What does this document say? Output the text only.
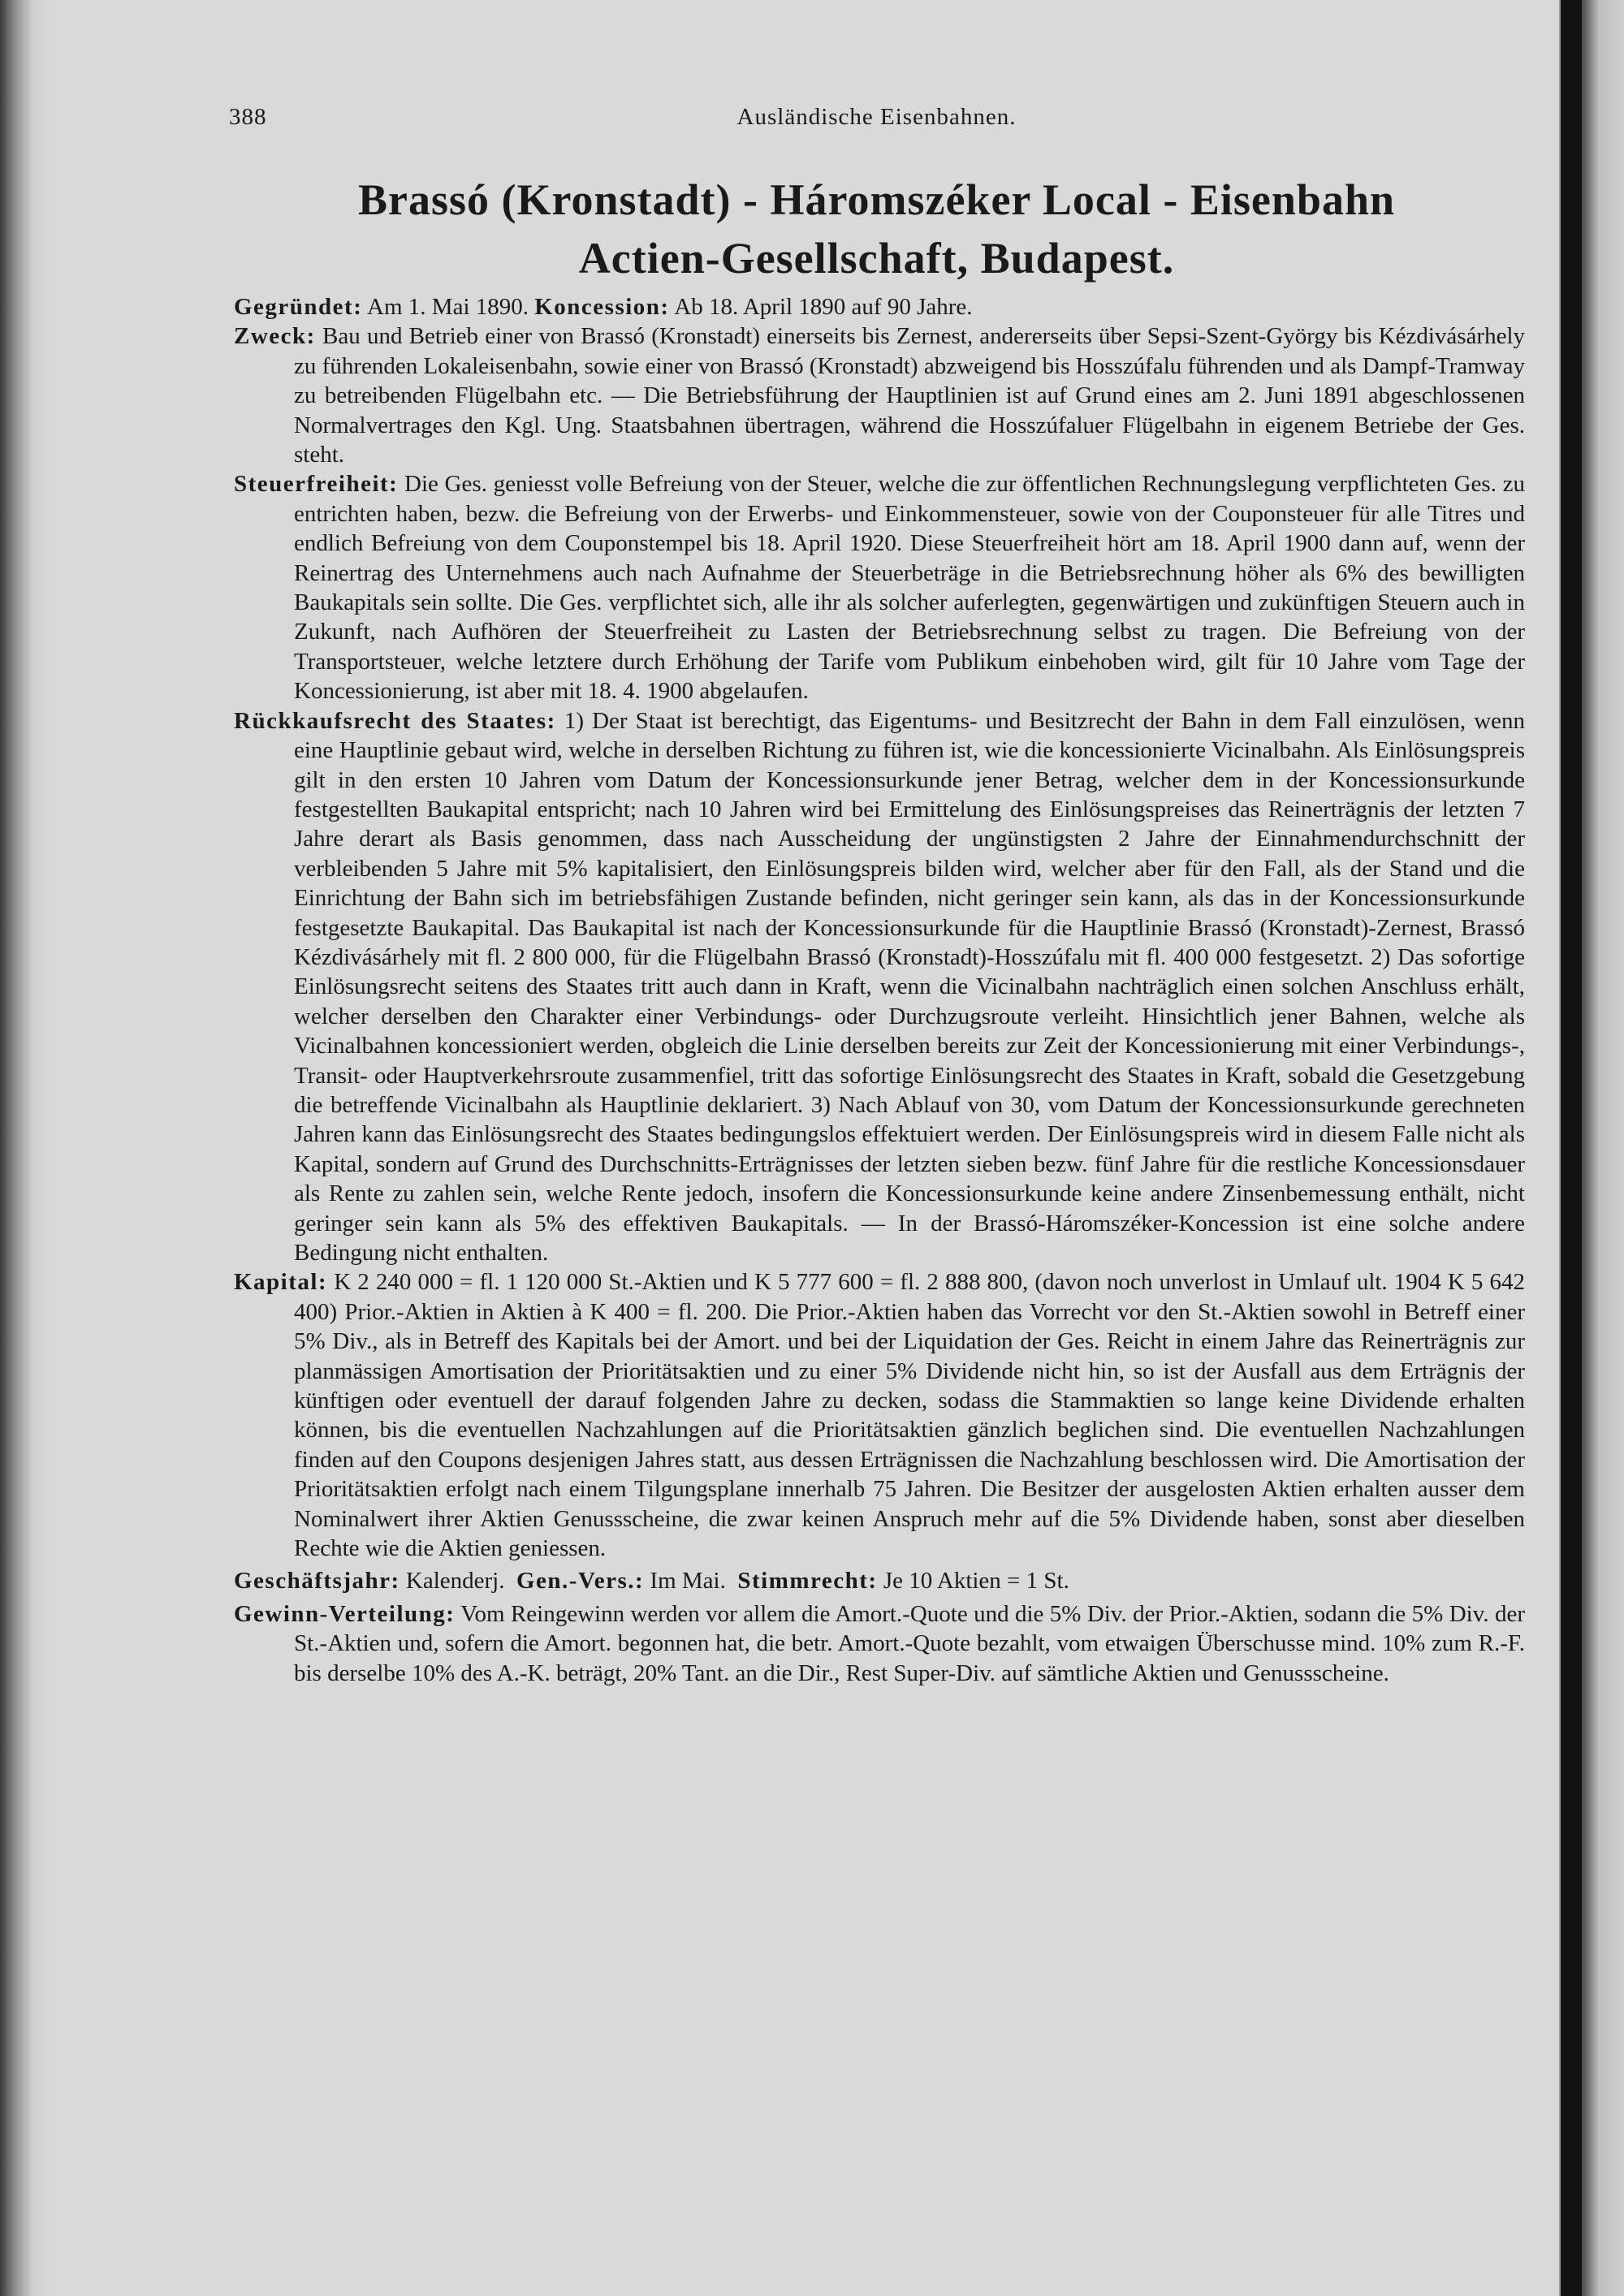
388	Ausländische Eisenbahnen.
Brassó (Kronstadt) - Háromszéker Local - Eisenbahn
Actien-Gesellschaft, Budapest.

Gegründet: Am 1. Mai 1890. Koncession: Ab 18. April 1890 auf 90 Jahre.

Zweck: Bau und Betrieb einer von Brassó (Kronstadt) einerseits bis Zernest, andererseits über Sepsi-Szent-György bis Kézdivásárhely zu führenden Lokaleisenbahn, sowie einer von Brassó (Kronstadt) abzweigend bis Hosszúfalu führenden und als Dampf-Tramway zu betreibenden Flügelbahn etc. — Die Betriebsführung der Hauptlinien ist auf Grund eines am 2. Juni 1891 abgeschlossenen Normalvertrages den Kgl. Ung. Staatsbahnen übertragen, während die Hosszúfaluer Flügelbahn in eigenem Betriebe der Ges. steht.

Steuerfreiheit: Die Ges. geniesst volle Befreiung von der Steuer, welche die zur öffentlichen Rechnungslegung verpflichteten Ges. zu entrichten haben, bezw. die Befreiung von der Erwerbs- und Einkommensteuer, sowie von der Couponsteuer für alle Titres und endlich Befreiung von dem Couponstempel bis 18. April 1920. Diese Steuerfreiheit hört am 18. April 1900 dann auf, wenn der Reinertrag des Unternehmens auch nach Aufnahme der Steuerbeträge in die Betriebsrechnung höher als 6% des bewilligten Baukapitals sein sollte. Die Ges. verpflichtet sich, alle ihr als solcher auferlegten, gegenwärtigen und zukünftigen Steuern auch in Zukunft, nach Aufhören der Steuerfreiheit zu Lasten der Betriebsrechnung selbst zu tragen. Die Befreiung von der Transportsteuer, welche letztere durch Erhöhung der Tarife vom Publikum einbehoben wird, gilt für 10 Jahre vom Tage der Koncessionierung, ist aber mit 18. 4. 1900 abgelaufen.

Rückkaufsrecht des Staates: 1) Der Staat ist berechtigt, das Eigentums- und Besitzrecht der Bahn in dem Fall einzulösen, wenn eine Hauptlinie gebaut wird, welche in derselben Richtung zu führen ist, wie die koncessionierte Vicinalbahn. Als Einlösungspreis gilt in den ersten 10 Jahren vom Datum der Koncessionsurkunde jener Betrag, welcher dem in der Koncessionsurkunde festgestellten Baukapital entspricht; nach 10 Jahren wird bei Ermittelung des Einlösungspreises das Reinerträgnis der letzten 7 Jahre derart als Basis genommen, dass nach Ausscheidung der ungünstigsten 2 Jahre der Einnahmendurchschnitt der verbleibenden 5 Jahre mit 5% kapitalisiert, den Einlösungspreis bilden wird, welcher aber für den Fall, als der Stand und die Einrichtung der Bahn sich im betriebsfähigen Zustande befinden, nicht geringer sein kann, als das in der Koncessionsurkunde festgesetzte Baukapital. Das Baukapital ist nach der Koncessionsurkunde für die Hauptlinie Brassó (Kronstadt)-Zernest, Brassó Kézdivásárhely mit fl. 2 800 000, für die Flügelbahn Brassó (Kronstadt)-Hosszúfalu mit fl. 400 000 festgesetzt. 2) Das sofortige Einlösungsrecht seitens des Staates tritt auch dann in Kraft, wenn die Vicinalbahn nachträglich einen solchen Anschluss erhält, welcher derselben den Charakter einer Verbindungs- oder Durchzugsroute verleiht. Hinsichtlich jener Bahnen, welche als Vicinalbahnen koncessioniert werden, obgleich die Linie derselben bereits zur Zeit der Koncessionierung mit einer Verbindungs-, Transit- oder Hauptverkehrsroute zusammenfiel, tritt das sofortige Einlösungsrecht des Staates in Kraft, sobald die Gesetzgebung die betreffende Vicinalbahn als Hauptlinie deklariert. 3) Nach Ablauf von 30, vom Datum der Koncessionsurkunde gerechneten Jahren kann das Einlösungsrecht des Staates bedingungslos effektuiert werden. Der Einlösungspreis wird in diesem Falle nicht als Kapital, sondern auf Grund des Durchschnitts-Erträgnisses der letzten sieben bezw. fünf Jahre für die restliche Koncessionsdauer als Rente zu zahlen sein, welche Rente jedoch, insofern die Koncessionsurkunde keine andere Zinsenbemessung enthält, nicht geringer sein kann als 5% des effektiven Baukapitals. — In der Brassó-Háromszéker-Koncession ist eine solche andere Bedingung nicht enthalten.

Kapital: K 2 240 000 = fl. 1 120 000 St.-Aktien und K 5 777 600 = fl. 2 888 800, (davon noch unverlost in Umlauf ult. 1904 K 5 642 400) Prior.-Aktien in Aktien à K 400 = fl. 200. Die Prior.-Aktien haben das Vorrecht vor den St.-Aktien sowohl in Betreff einer 5% Div., als in Betreff des Kapitals bei der Amort. und bei der Liquidation der Ges. Reicht in einem Jahre das Reinerträgnis zur planmässigen Amortisation der Prioritätsaktien und zu einer 5% Dividende nicht hin, so ist der Ausfall aus dem Erträgnis der künftigen oder eventuell der darauf folgenden Jahre zu decken, sodass die Stammaktien so lange keine Dividende erhalten können, bis die eventuellen Nachzahlungen auf die Prioritätsaktien gänzlich beglichen sind. Die eventuellen Nachzahlungen finden auf den Coupons desjenigen Jahres statt, aus dessen Erträgnissen die Nachzahlung beschlossen wird. Die Amortisation der Prioritätsaktien erfolgt nach einem Tilgungsplane innerhalb 75 Jahren. Die Besitzer der ausgelosten Aktien erhalten ausser dem Nominalwert ihrer Aktien Genussscheine, die zwar keinen Anspruch mehr auf die 5% Dividende haben, sonst aber dieselben Rechte wie die Aktien geniessen.

Geschäftsjahr: Kalenderj. Gen.-Vers.: Im Mai. Stimmrecht: Je 10 Aktien = 1 St.

Gewinn-Verteilung: Vom Reingewinn werden vor allem die Amort.-Quote und die 5% Div. der Prior.-Aktien, sodann die 5% Div. der St.-Aktien und, sofern die Amort. begonnen hat, die betr. Amort.-Quote bezahlt, vom etwaigen Überschusse mind. 10% zum R.-F. bis derselbe 10% des A.-K. beträgt, 20% Tant. an die Dir., Rest Super-Div. auf sämtliche Aktien und Genussscheine.
